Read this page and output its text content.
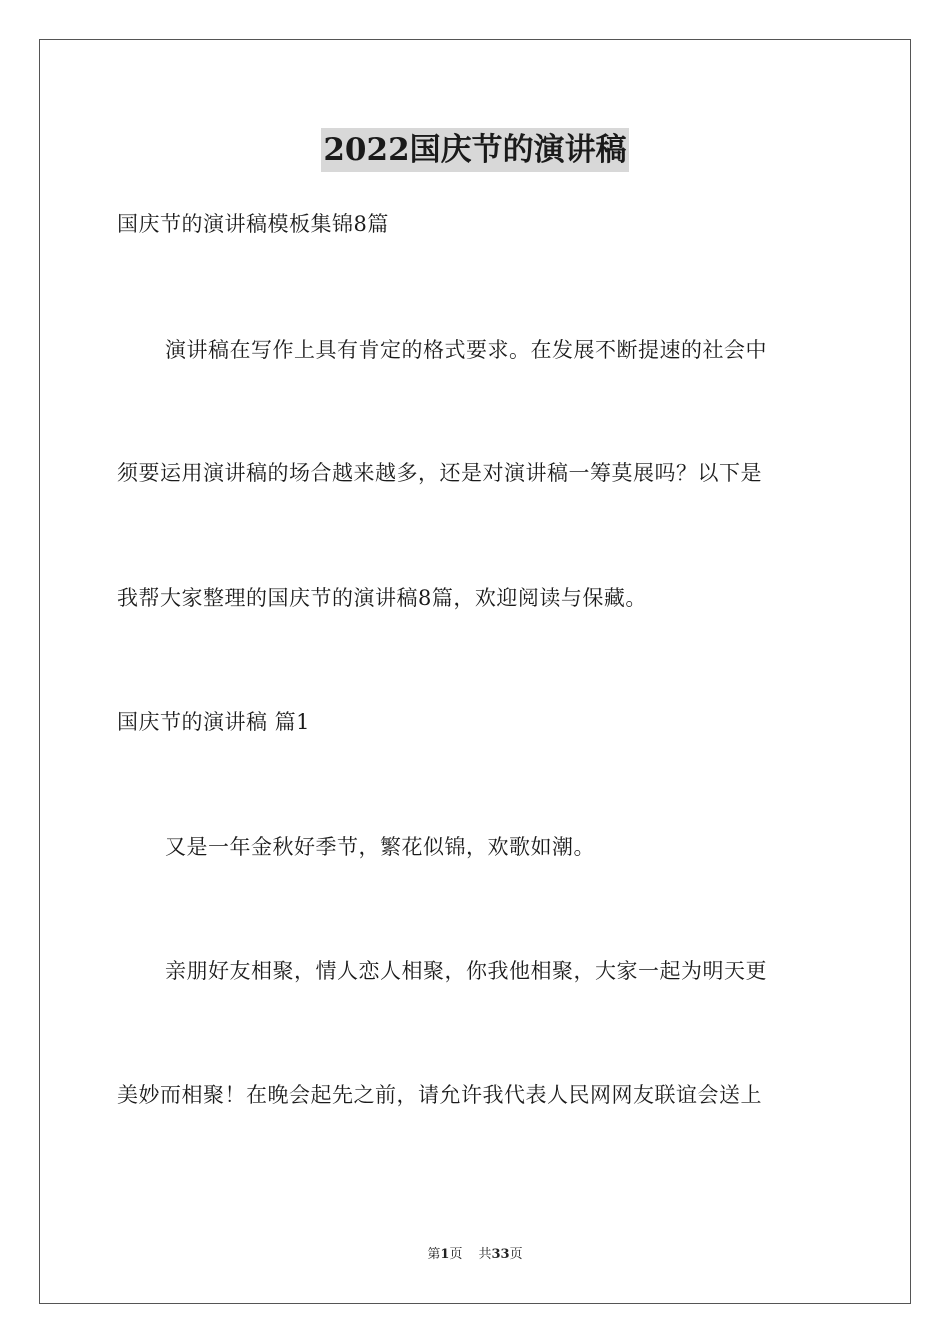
2022国庆节的演讲稿
国庆节的演讲稿模板集锦8篇
演讲稿在写作上具有肯定的格式要求。在发展不断提速的社会中
须要运用演讲稿的场合越来越多，还是对演讲稿一筹莫展吗？以下是
我帮大家整理的国庆节的演讲稿8篇，欢迎阅读与保藏。
国庆节的演讲稿 篇1
又是一年金秋好季节，繁花似锦，欢歌如潮。
亲朋好友相聚，情人恋人相聚，你我他相聚，大家一起为明天更
美妙而相聚！在晚会起先之前，请允许我代表人民网网友联谊会送上
第1页 共33页
